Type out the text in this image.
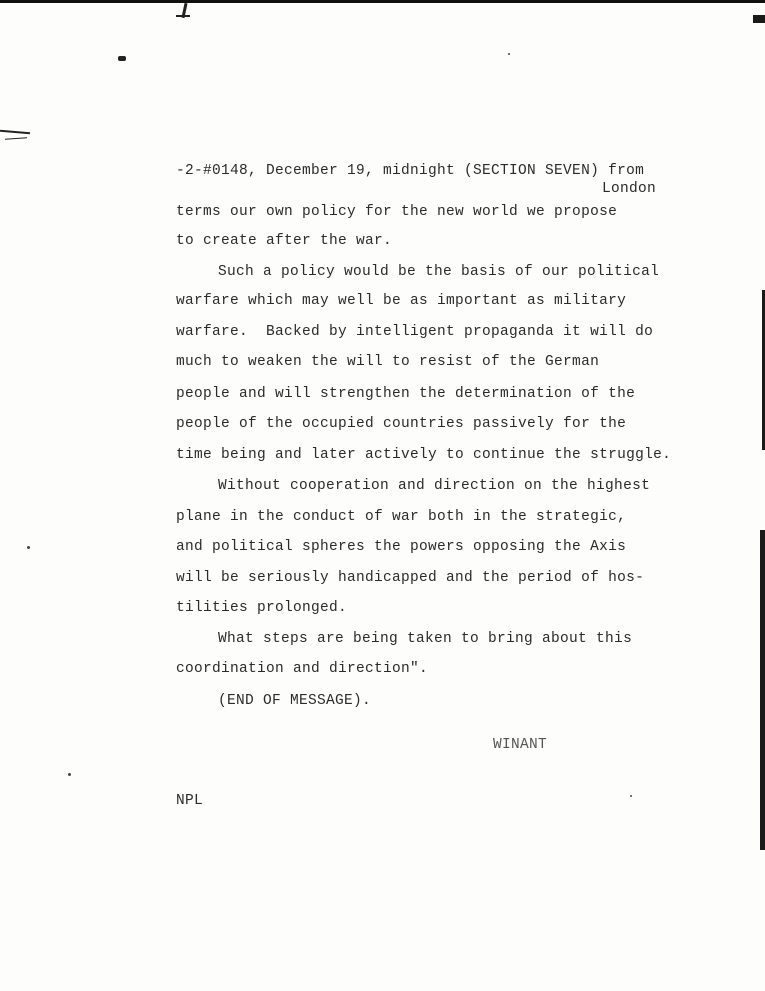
-2-#0148, December 19, midnight (SECTION SEVEN) from
London
terms our own policy for the new world we propose
to create after the war.
Such a policy would be the basis of our political
warfare which may well be as important as military
warfare.  Backed by intelligent propaganda it will do
much to weaken the will to resist of the German
people and will strengthen the determination of the
people of the occupied countries passively for the
time being and later actively to continue the struggle.
Without cooperation and direction on the highest
plane in the conduct of war both in the strategic,
and political spheres the powers opposing the Axis
will be seriously handicapped and the period of hos-
tilities prolonged.
What steps are being taken to bring about this
coordination and direction".
(END OF MESSAGE).
WINANT
NPL
